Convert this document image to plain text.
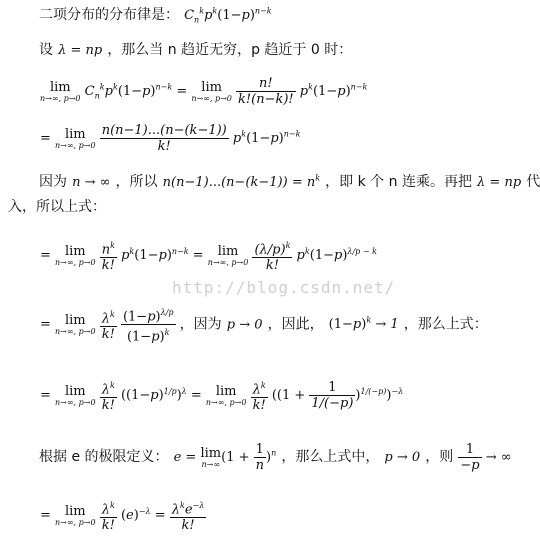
二项分布的分布律是： $C_n^kp^k(1-p)^{n-k}$
设 λ = np ，那么当 n 趋近无穷，p 趋近于 0 时：
lim
n→∞, p→0 $C_n^kp^k(1-p)^{n-k} = \lim$
n→∞, p→0
$\frac{n!}{k!(n-k)!} p^k(1-p)^{n-k}$
= lim
n→∞, p→0
$\frac{n(n-1)...(n-(k-1))}{k!} p^k(1-p)^{n-k}$
因为 n → ∞ ，所以 $n(n-1)...(n-(k-1)) = n^k$ ，即 k 个 n 连乘。再把 λ = np 代
入，所以上式：
= lim
n→∞, p→0
$\frac{n^k}{k!} p^k(1-p)^{n-k} = \lim$
n→∞, p→0
$\frac{(\lambda/p)^k}{k!} p^k(1-p)^{\lambda/p - k}$
http://blog.csdn.net/
= lim
n→∞, p→0
$\frac{\lambda^k}{k!}$
$\frac{(1-p)^{\lambda/p}}{(1-p)^k}$ ，因为 p → 0 ，因此， $(1-p)^k \to 1$ ，那么上式：
= lim
n→∞, p→0
$\frac{\lambda^k}{k!} ((1-p)^{1/p})^\lambda = \lim$
n→∞, p→0
$\frac{\lambda^k}{k!} ((1 + \frac{1}{1/(-p)} )^{1/(-p)})^{-\lambda}$
根据 e 的极限定义： e = lim
n→∞ $(1 + \frac{1}{n} )^n$ ，那么上式中， p → 0 ，则 $\frac{1}{-p}$ → ∞
= lim
n→∞, p→0
$\frac{\lambda^k}{k!} (e)^{-\lambda} = \frac{\lambda^ke^{-\lambda}}{k!}$
